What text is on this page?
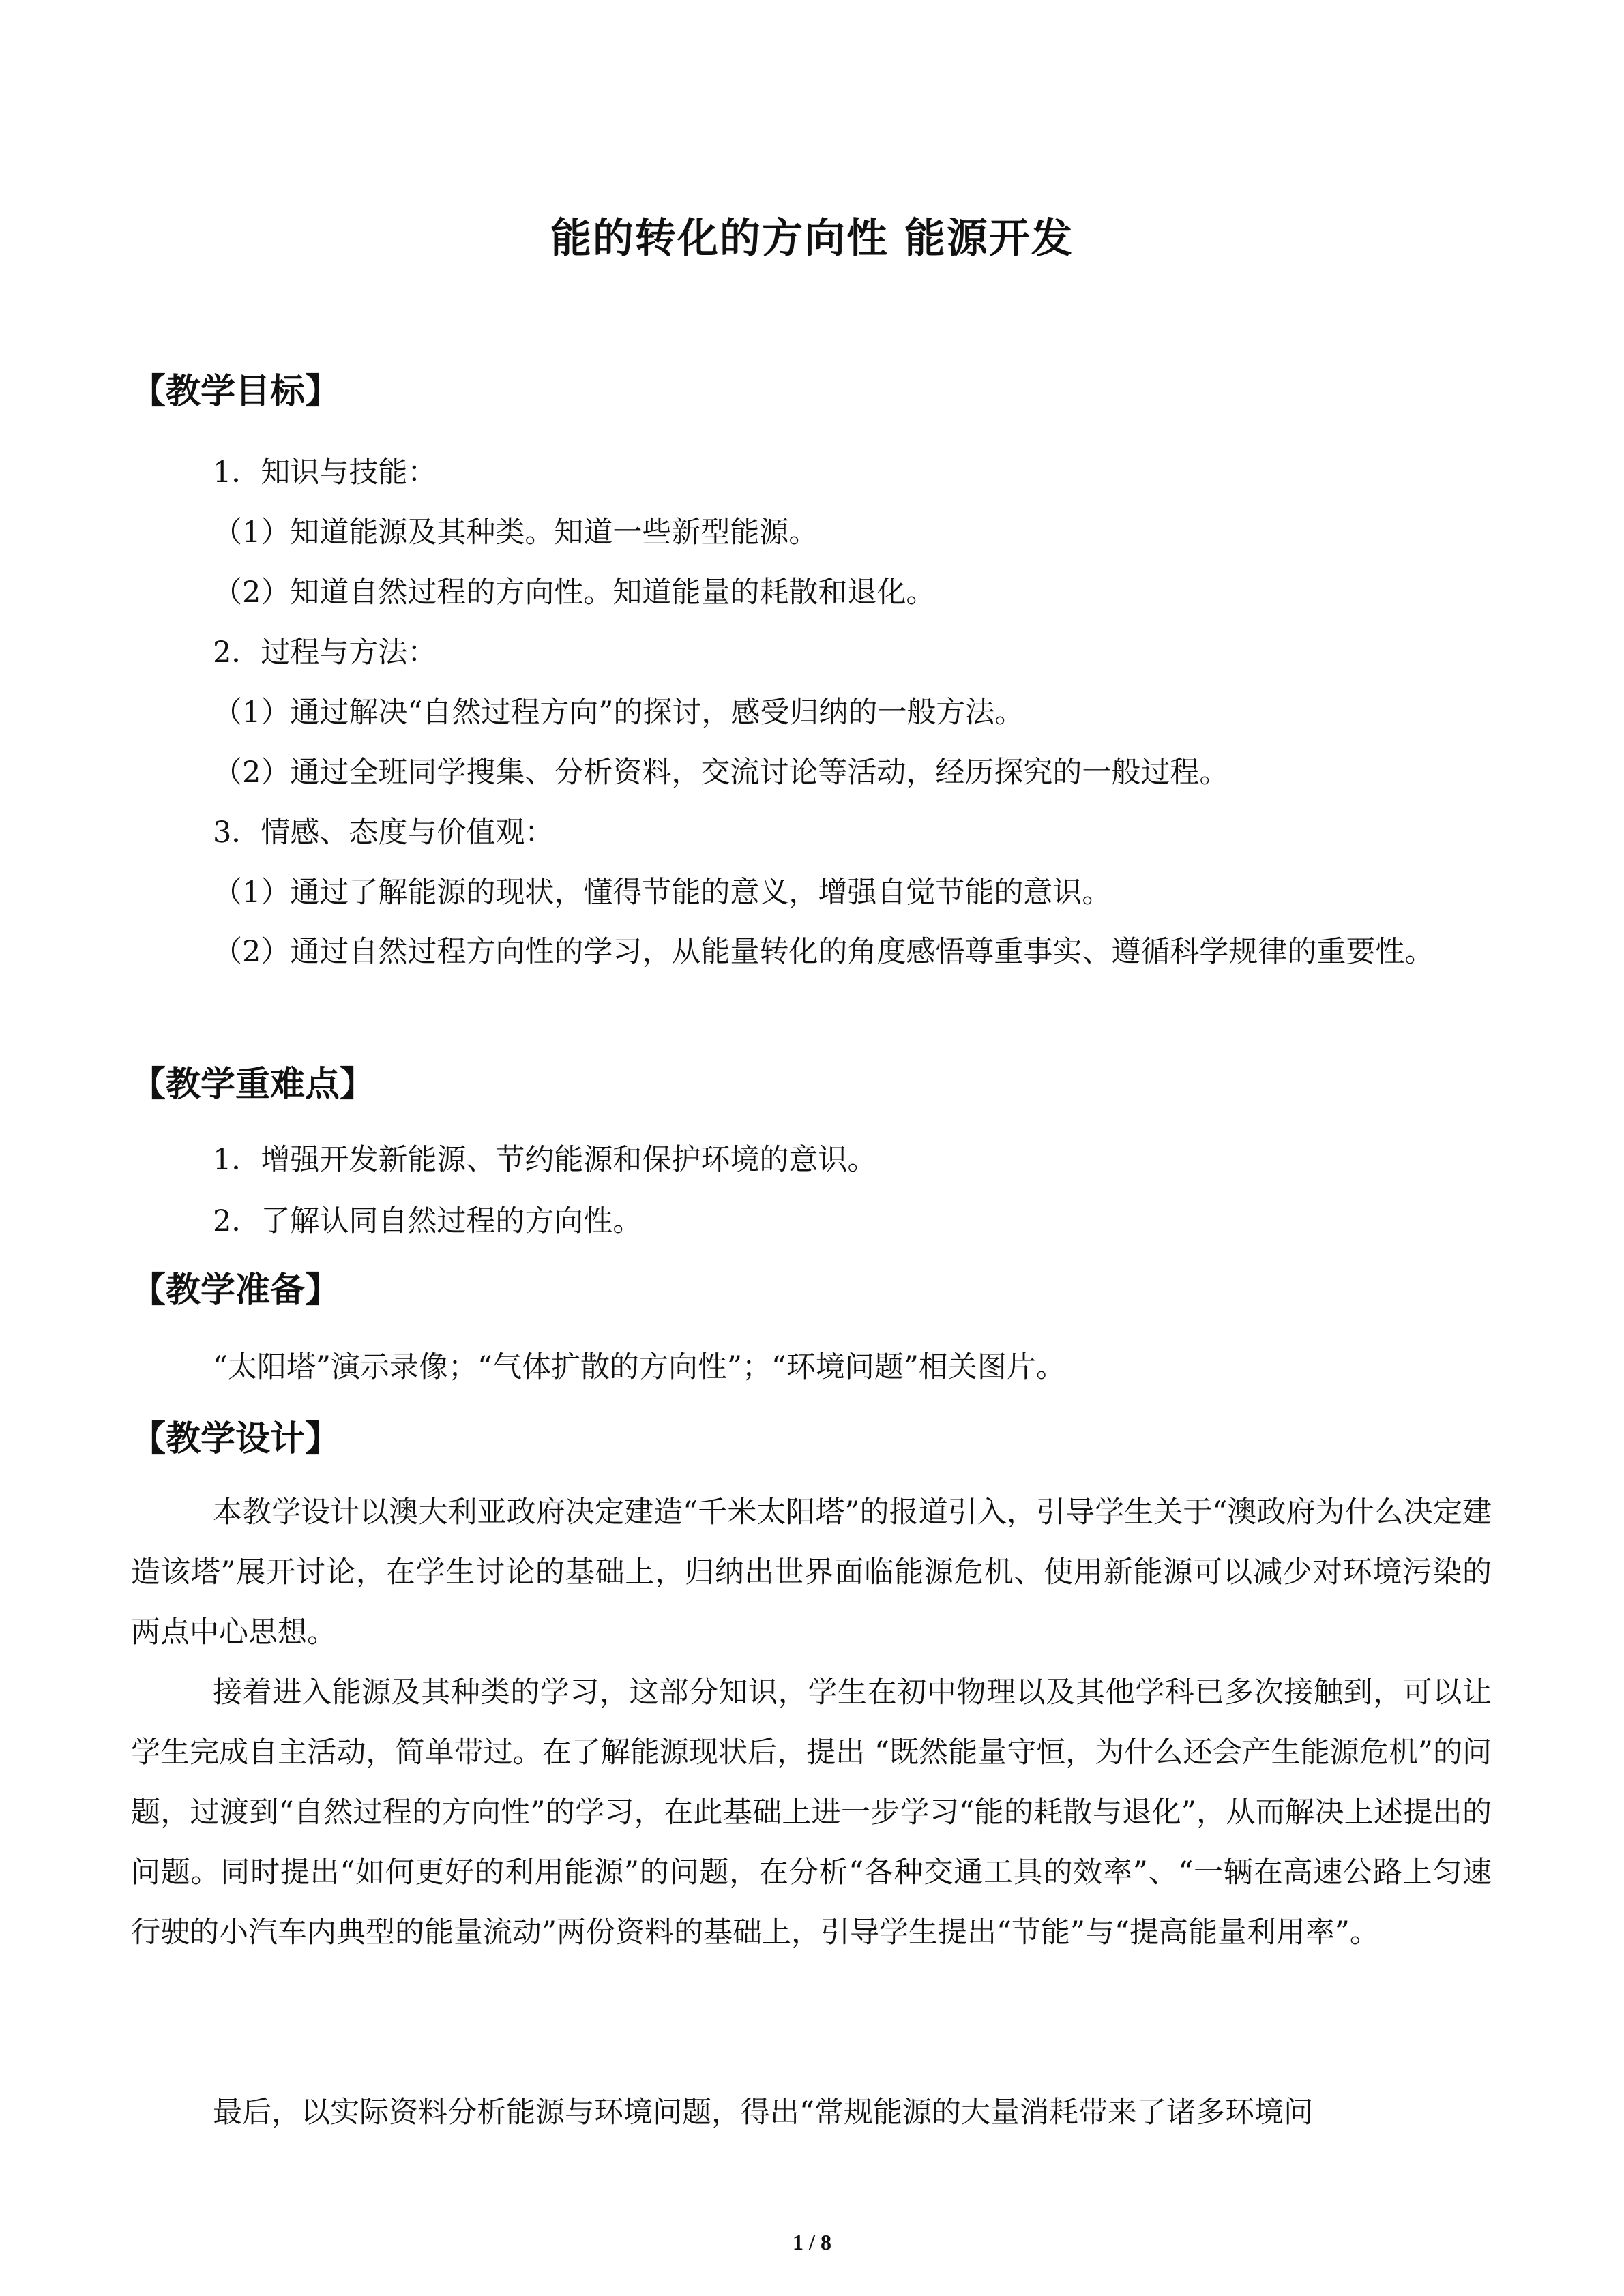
能的转化的方向性 能源开发
【教学目标】

1．知识与技能：

（1）知道能源及其种类。知道一些新型能源。

（2）知道自然过程的方向性。知道能量的耗散和退化。

2．过程与方法：

（1）通过解决“自然过程方向”的探讨，感受归纳的一般方法。

（2）通过全班同学搜集、分析资料，交流讨论等活动，经历探究的一般过程。

3．情感、态度与价值观：

（1）通过了解能源的现状，懂得节能的意义，增强自觉节能的意识。

（2）通过自然过程方向性的学习，从能量转化的角度感悟尊重事实、遵循科学规律的重要性。

【教学重难点】

1．增强开发新能源、节约能源和保护环境的意识。

2．了解认同自然过程的方向性。

【教学准备】

“太阳塔”演示录像；“气体扩散的方向性”；“环境问题”相关图片。

【教学设计】

本教学设计以澳大利亚政府决定建造“千米太阳塔”的报道引入，引导学生关于“澳政府为什么决定建造该塔”展开讨论，在学生讨论的基础上，归纳出世界面临能源危机、使用新能源可以减少对环境污染的两点中心思想。

接着进入能源及其种类的学习，这部分知识，学生在初中物理以及其他学科已多次接触到，可以让学生完成自主活动，简单带过。在了解能源现状后，提出 “既然能量守恒，为什么还会产生能源危机”的问题，过渡到“自然过程的方向性”的学习，在此基础上进一步学习“能的耗散与退化”，从而解决上述提出的问题。同时提出“如何更好的利用能源”的问题，在分析“各种交通工具的效率”、“一辆在高速公路上匀速行驶的小汽车内典型的能量流动”两份资料的基础上，引导学生提出“节能”与“提高能量利用率”。

最后，以实际资料分析能源与环境问题，得出“常规能源的大量消耗带来了诸多环境问

1 / 8
